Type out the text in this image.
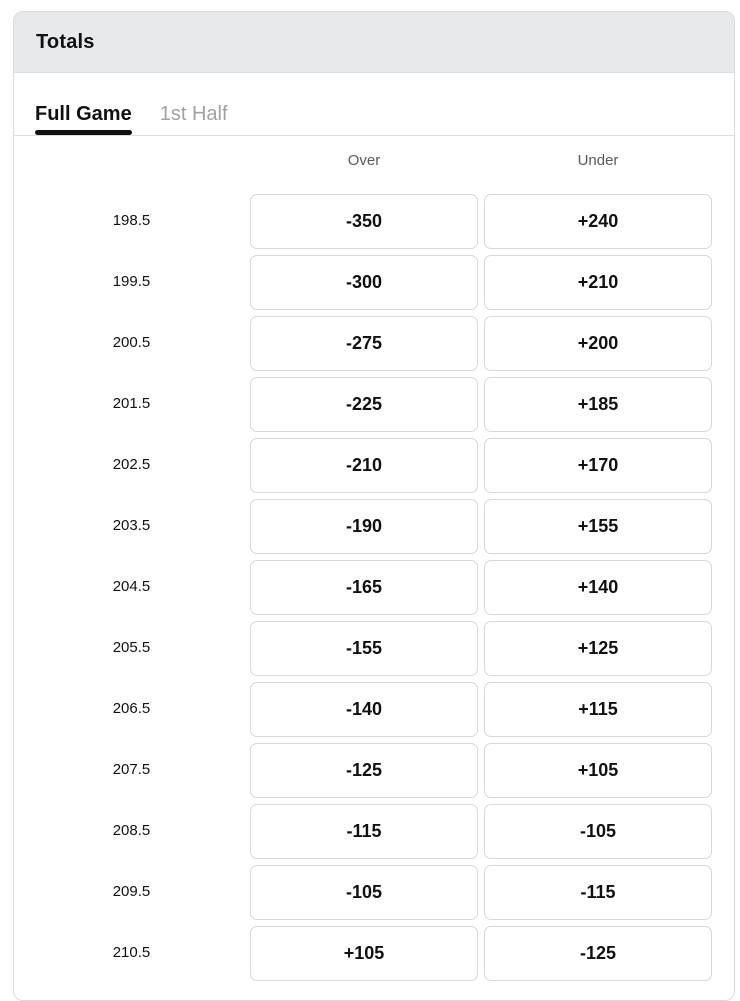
Totals
Full Game 1st Half
Over	Under
198.5	-350	+240
199.5	-300	+210
200.5	-275	+200
201.5	-225	+185
202.5	-210	+170
203.5	-190	+155
204.5	-165	+140
205.5	-155	+125
206.5	-140	+115
207.5	-125	+105
208.5	-115	-105
209.5	-105	-115
210.5	+105	-125
